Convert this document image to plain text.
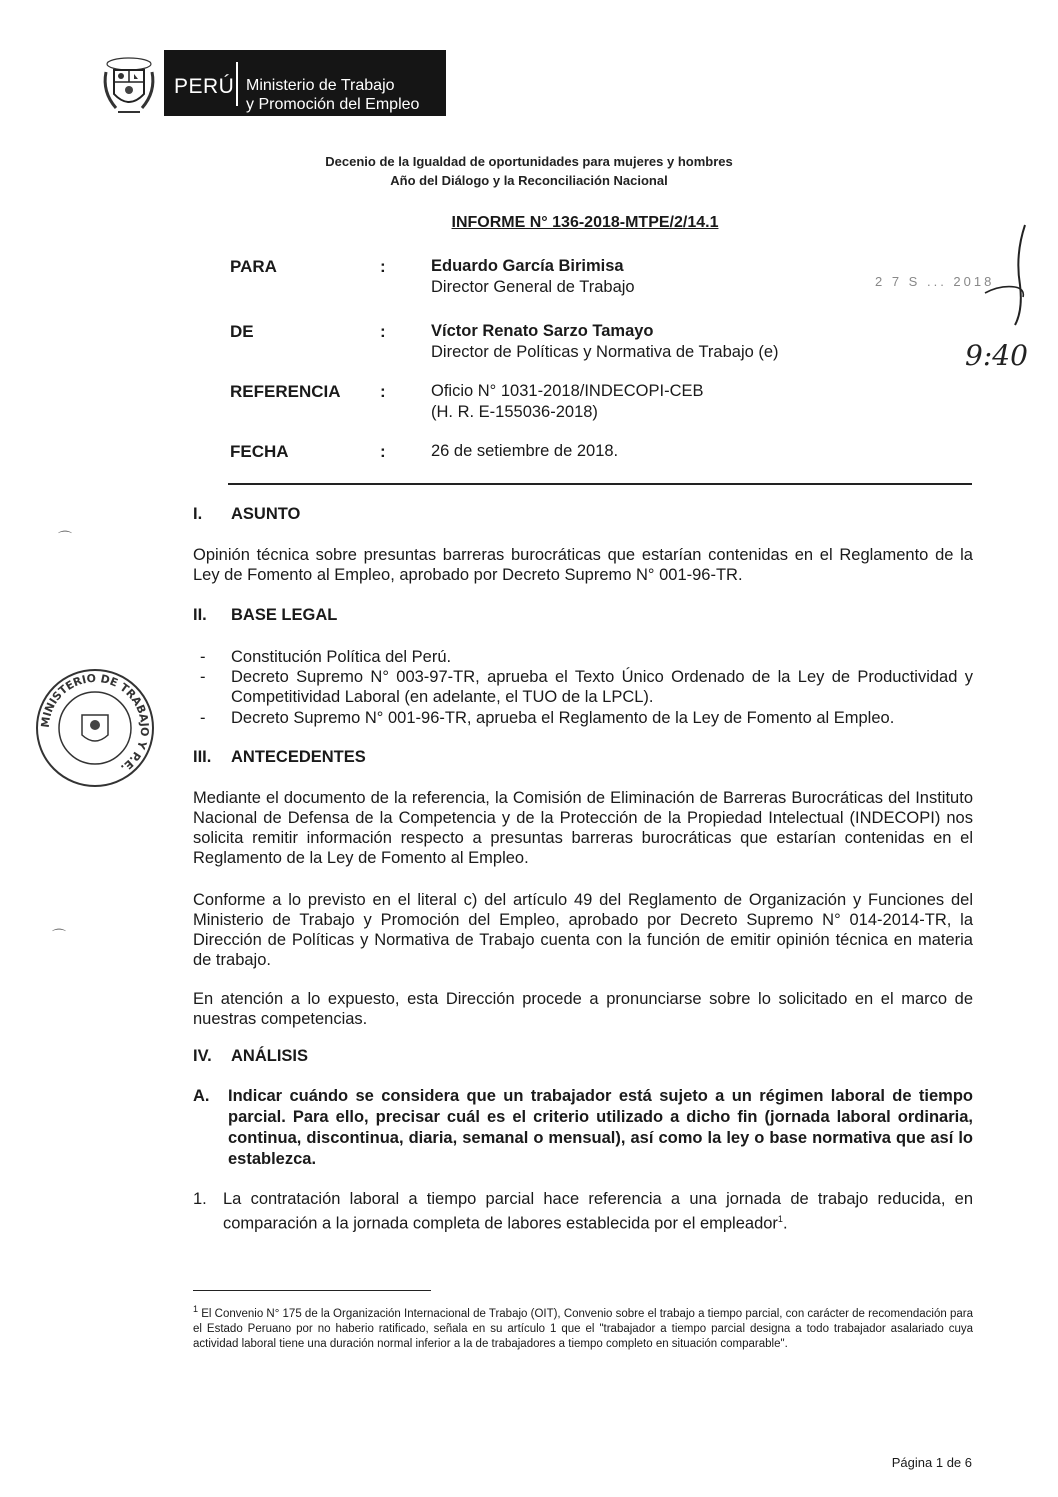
PERÚ Ministerio de Trabajo
y Promoción del Empleo
Decenio de la Igualdad de oportunidades para mujeres y hombres
Año del Diálogo y la Reconciliación Nacional
INFORME N° 136-2018-MTPE/2/14.1
PARA	:	Eduardo García Birimisa
Director General de Trabajo
DE	:	Víctor Renato Sarzo Tamayo
Director de Políticas y Normativa de Trabajo (e)
REFERENCIA :	Oficio N° 1031-2018/INDECOPI-CEB
(H. R. E-155036-2018)
FECHA	:	26 de setiembre de 2018.
2 7 S ... 2018
9:40
I. ASUNTO
Opinión técnica sobre presuntas barreras burocráticas que estarían contenidas en el Reglamento de la Ley de Fomento al Empleo, aprobado por Decreto Supremo N° 001-96-TR.
II. BASE LEGAL
- Constitución Política del Perú.
- Decreto Supremo N° 003-97-TR, aprueba el Texto Único Ordenado de la Ley de Productividad y Competitividad Laboral (en adelante, el TUO de la LPCL).
- Decreto Supremo N° 001-96-TR, aprueba el Reglamento de la Ley de Fomento al Empleo.
MINISTERIO DE TRABAJO Y P.E.
III. ANTECEDENTES
Mediante el documento de la referencia, la Comisión de Eliminación de Barreras Burocráticas del Instituto Nacional de Defensa de la Competencia y de la Protección de la Propiedad Intelectual (INDECOPI) nos solicita remitir información respecto a presuntas barreras burocráticas que estarían contenidas en el Reglamento de la Ley de Fomento al Empleo.
Conforme a lo previsto en el literal c) del artículo 49 del Reglamento de Organización y Funciones del Ministerio de Trabajo y Promoción del Empleo, aprobado por Decreto Supremo N° 014-2014-TR, la Dirección de Políticas y Normativa de Trabajo cuenta con la función de emitir opinión técnica en materia de trabajo.
En atención a lo expuesto, esta Dirección procede a pronunciarse sobre lo solicitado en el marco de nuestras competencias.
IV. ANÁLISIS
A. Indicar cuándo se considera que un trabajador está sujeto a un régimen laboral de tiempo parcial. Para ello, precisar cuál es el criterio utilizado a dicho fin (jornada laboral ordinaria, continua, discontinua, diaria, semanal o mensual), así como la ley o base normativa que así lo establezca.
1. La contratación laboral a tiempo parcial hace referencia a una jornada de trabajo reducida, en comparación a la jornada completa de labores establecida por el empleador$^1$.
$^1$ El Convenio N° 175 de la Organización Internacional de Trabajo (OIT), Convenio sobre el trabajo a tiempo parcial, con carácter de recomendación para el Estado Peruano por no haberio ratificado, señala en su artículo 1 que el "trabajador a tiempo parcial designa a todo trabajador asalariado cuya actividad laboral tiene una duración normal inferior a la de trabajadores a tiempo completo en situación comparable".
Página 1 de 6
⌒
⌒
